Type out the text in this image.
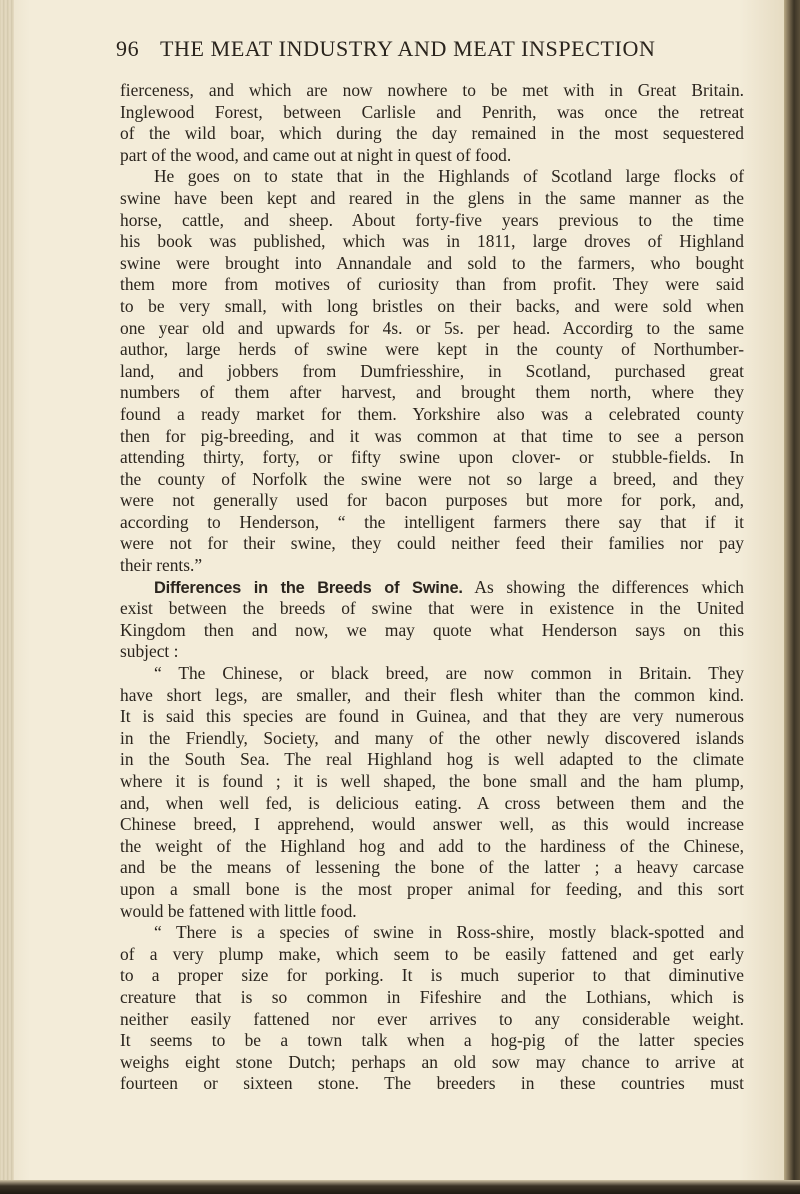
96 THE MEAT INDUSTRY AND MEAT INSPECTION
fierceness, and which are now nowhere to be met with in Great Britain.
Inglewood Forest, between Carlisle and Penrith, was once the retreat
of the wild boar, which during the day remained in the most sequestered
part of the wood, and came out at night in quest of food.
He goes on to state that in the Highlands of Scotland large flocks of
swine have been kept and reared in the glens in the same manner as the
horse, cattle, and sheep. About forty-five years previous to the time
his book was published, which was in 1811, large droves of Highland
swine were brought into Annandale and sold to the farmers, who bought
them more from motives of curiosity than from profit. They were said
to be very small, with long bristles on their backs, and were sold when
one year old and upwards for 4s. or 5s. per head. Accordirg to the same
author, large herds of swine were kept in the county of Northumber-
land, and jobbers from Dumfriesshire, in Scotland, purchased great
numbers of them after harvest, and brought them north, where they
found a ready market for them. Yorkshire also was a celebrated county
then for pig-breeding, and it was common at that time to see a person
attending thirty, forty, or fifty swine upon clover- or stubble-fields. In
the county of Norfolk the swine were not so large a breed, and they
were not generally used for bacon purposes but more for pork, and,
according to Henderson, “ the intelligent farmers there say that if it
were not for their swine, they could neither feed their families nor pay
their rents.”
Differences in the Breeds of Swine. As showing the differences which
exist between the breeds of swine that were in existence in the United
Kingdom then and now, we may quote what Henderson says on this
subject :
“ The Chinese, or black breed, are now common in Britain. They
have short legs, are smaller, and their flesh whiter than the common kind.
It is said this species are found in Guinea, and that they are very numerous
in the Friendly, Society, and many of the other newly discovered islands
in the South Sea. The real Highland hog is well adapted to the climate
where it is found ; it is well shaped, the bone small and the ham plump,
and, when well fed, is delicious eating. A cross between them and the
Chinese breed, I apprehend, would answer well, as this would increase
the weight of the Highland hog and add to the hardiness of the Chinese,
and be the means of lessening the bone of the latter ; a heavy carcase
upon a small bone is the most proper animal for feeding, and this sort
would be fattened with little food.
“ There is a species of swine in Ross-shire, mostly black-spotted and
of a very plump make, which seem to be easily fattened and get early
to a proper size for porking. It is much superior to that diminutive
creature that is so common in Fifeshire and the Lothians, which is
neither easily fattened nor ever arrives to any considerable weight.
It seems to be a town talk when a hog-pig of the latter species
weighs eight stone Dutch; perhaps an old sow may chance to arrive at
fourteen or sixteen stone. The breeders in these countries must
